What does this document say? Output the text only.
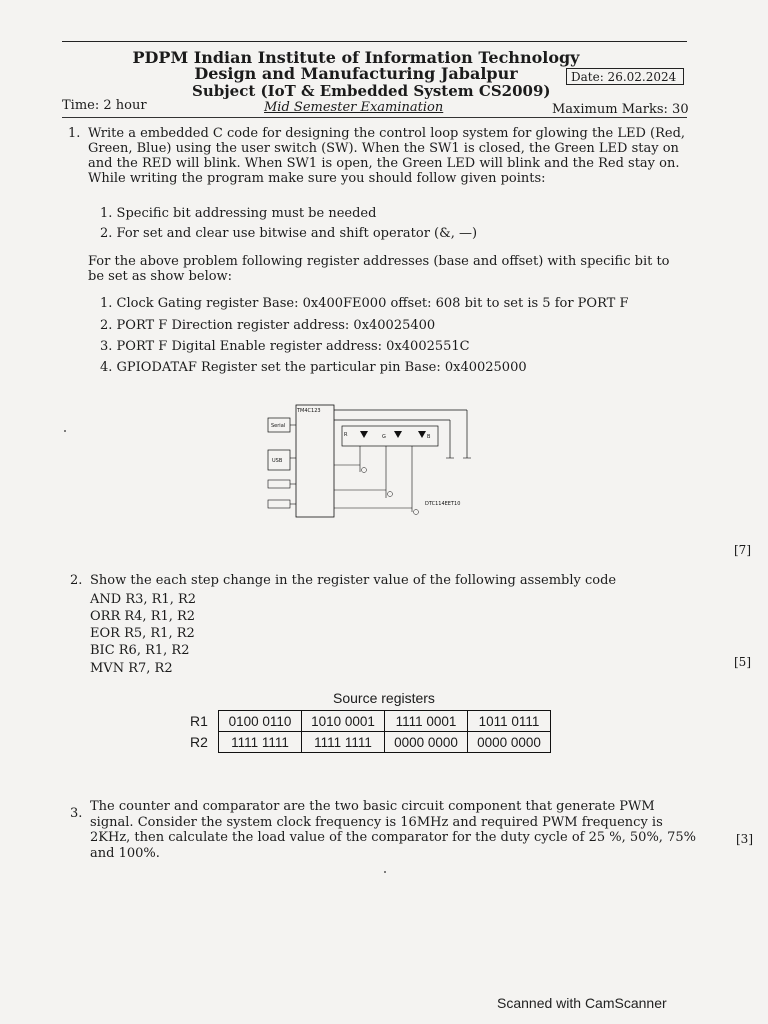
PDPM Indian Institute of Information Technology
Design and Manufacturing Jabalpur
Subject (IoT & Embedded System CS2009)
Date: 26.02.2024
Time: 2 hour	Mid Semester Examination	Maximum Marks: 30
1. Write a embedded C code for designing the control loop system for glowing the LED (Red, Green, Blue) using the user switch (SW). When the SW1 is closed, the Green LED stay on and the RED will blink. When SW1 is open, the Green LED will blink and the Red stay on. While writing the program make sure you should follow given points:
1. Specific bit addressing must be needed
2. For set and clear use bitwise and shift operator (&, —)
For the above problem following register addresses (base and offset) with specific bit to be set as show below:
1. Clock Gating register Base: 0x400FE000 offset: 608 bit to set is 5 for PORT F
2. PORT F Direction register address: 0x40025400
3. PORT F Digital Enable register address: 0x4002551C
4. GPIODATAF Register set the particular pin Base: 0x40025000
TM4C123
Serial
USB
R	G	B
DTC114EET10
[7]
2. Show the each step change in the register value of the following assembly code
AND R3, R1, R2
ORR R4, R1, R2
EOR R5, R1, R2
BIC R6, R1, R2
MVN R7, R2	[5]
Source registers
R1	0100 0110	1010 0001	1111 0001	1011 0111
R2	1111 1111	1111 1111	0000 0000	0000 0000
3. The counter and comparator are the two basic circuit component that generate PWM signal. Consider the system clock frequency is 16MHz and required PWM frequency is 2KHz, then calculate the load value of the comparator for the duty cycle of 25 %, 50%, 75% and 100%.
[3]
Scanned with CamScanner
